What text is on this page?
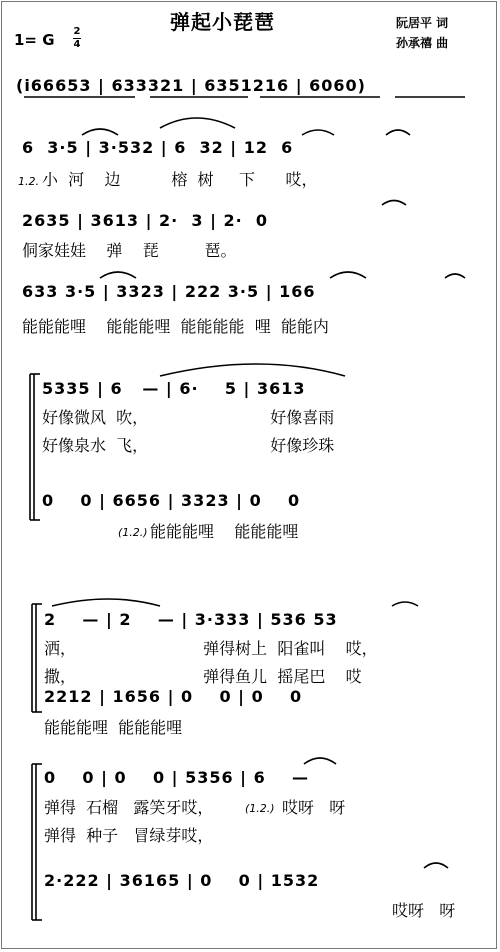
弹起小琵琶
1= G 2
4
阮居平 词
孙承禧 曲
(i66653 | 633321 | 6351216 | 6060)
6  3·5 | 3·532 | 6  32 | 12  6
1.2. 小  河    边          榕  树     下      哎，
2635 | 3613 | 2·  3 | 2·  0
侗家娃娃    弹    琵         琶。
633 3·5 | 3323 | 222 3·5 | 166
能能能哩    能能能哩  能能能能  哩  能能内
5335 | 6   — | 6·    5 | 3613
好像微风  吹，                        好像喜雨
好像泉水  飞，                        好像珍珠
0    0 | 6656 | 3323 | 0    0
(1.2.) 能能能哩    能能能哩
2    — | 2    — | 3·333 | 536 53
洒，                         弹得树上  阳雀叫    哎，
撒，                         弹得鱼儿  摇尾巴    哎
2212 | 1656 | 0    0 | 0    0
能能能哩  能能能哩
0    0 | 0    0 | 5356 | 6    —
弹得  石榴   露笑牙哎，	(1.2.) 哎呀   呀
弹得  种子   冒绿芽哎，
2·222 | 36165 | 0    0 | 1532
哎呀   呀
